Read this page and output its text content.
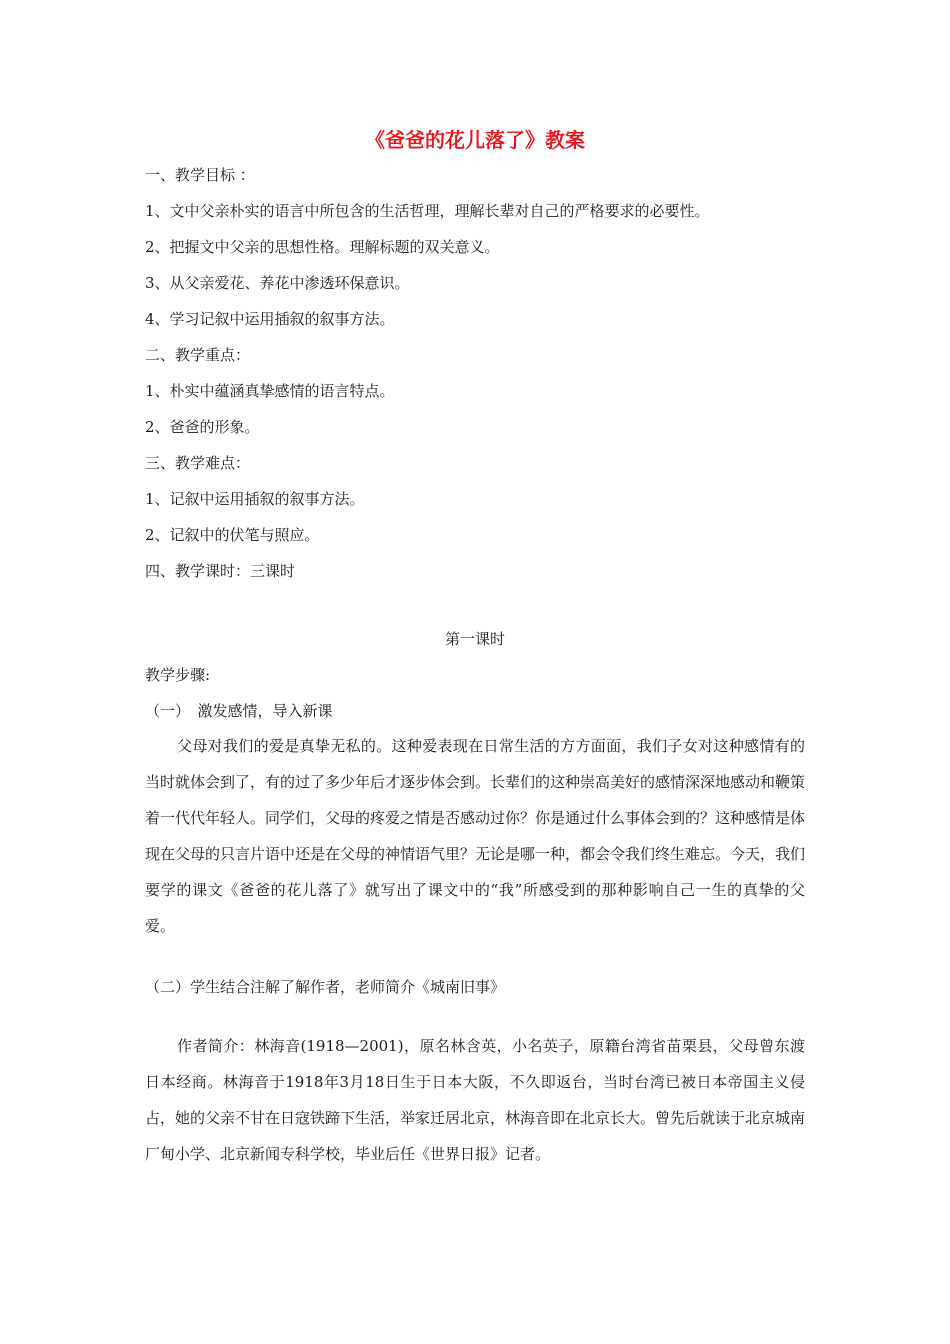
《爸爸的花儿落了》教案
一、教学目标 ：
1、文中父亲朴实的语言中所包含的生活哲理，理解长辈对自己的严格要求的必要性。
2、把握文中父亲的思想性格。理解标题的双关意义。
3、从父亲爱花、养花中渗透环保意识。
4、学习记叙中运用插叙的叙事方法。
二、教学重点：
1、朴实中蕴涵真挚感情的语言特点。
2、爸爸的形象。
三、教学难点：
1、记叙中运用插叙的叙事方法。
2、记叙中的伏笔与照应。
四、教学课时：三课时
第一课时
教学步骤:
（一）　激发感情，导入新课
父母对我们的爱是真挚无私的。这种爱表现在日常生活的方方面面，我们子女对这种感情有的当时就体会到了，有的过了多少年后才逐步体会到。长辈们的这种崇高美好的感情深深地感动和鞭策着一代代年轻人。同学们，父母的疼爱之情是否感动过你？你是通过什么事体会到的？这种感情是体现在父母的只言片语中还是在父母的神情语气里？无论是哪一种，都会令我们终生难忘。今天，我们要学的课文《爸爸的花儿落了》就写出了课文中的“我”所感受到的那种影响自己一生的真挚的父爱。
（二）学生结合注解了解作者，老师简介《城南旧事》
作者简介：林海音(1918—2001)，原名林含英，小名英子，原籍台湾省苗栗县，父母曾东渡日本经商。林海音于1918年3月18日生于日本大阪，不久即返台，当时台湾已被日本帝国主义侵占，她的父亲不甘在日寇铁蹄下生活，举家迁居北京，林海音即在北京长大。曾先后就读于北京城南厂甸小学、北京新闻专科学校，毕业后任《世界日报》记者。
